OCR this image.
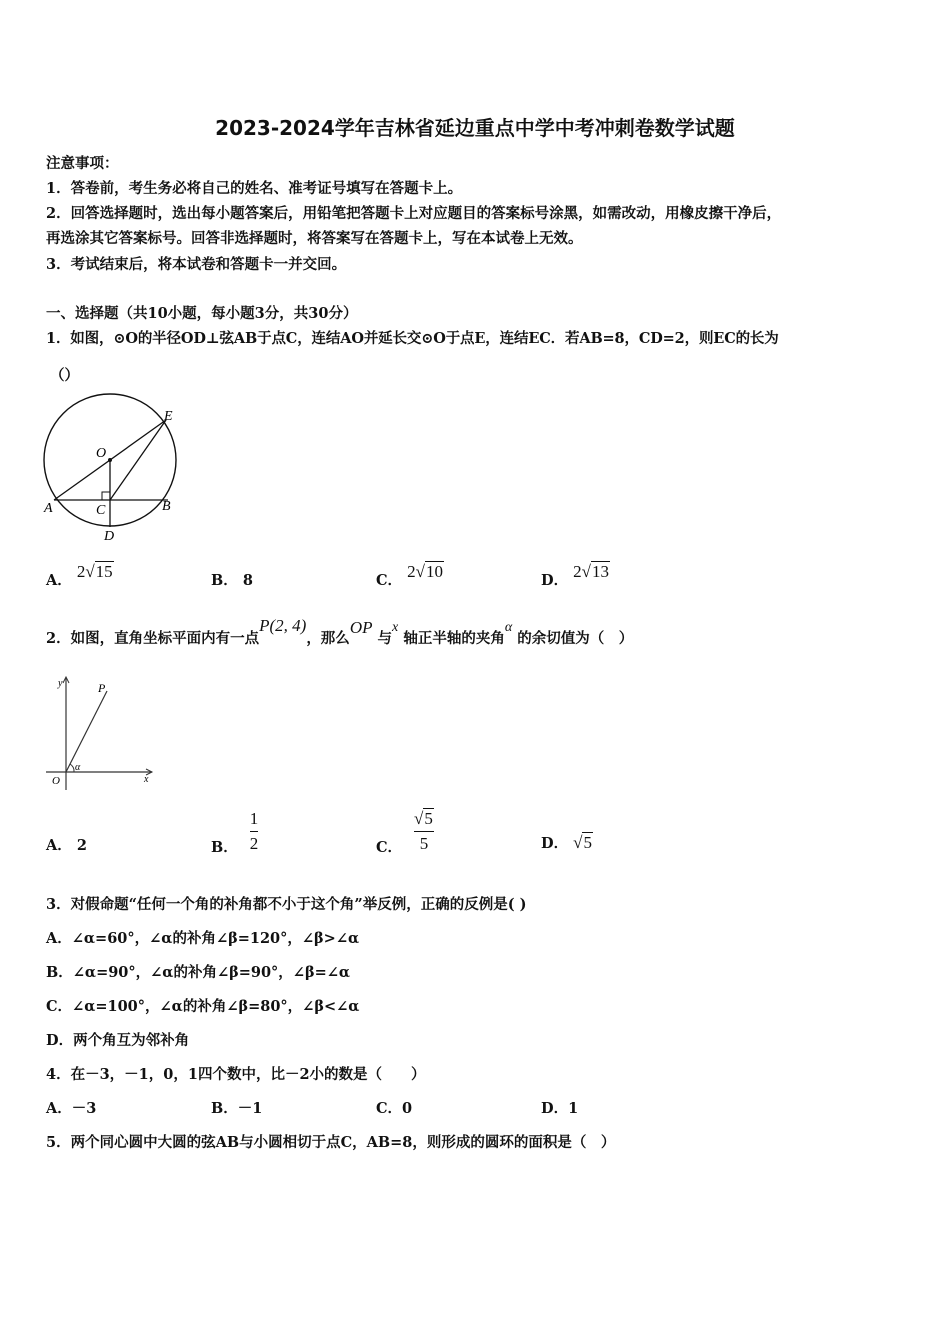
2023-2024学年吉林省延边重点中学中考冲刺卷数学试题
注意事项：
1．答卷前，考生务必将自己的姓名、准考证号填写在答题卡上。
2．回答选择题时，选出每小题答案后，用铅笔把答题卡上对应题目的答案标号涂黑，如需改动，用橡皮擦干净后，
再选涂其它答案标号。回答非选择题时，将答案写在答题卡上，写在本试卷上无效。
3．考试结束后，将本试卷和答题卡一并交回。
一、选择题（共10小题，每小题3分，共30分）
1．如图，⊙O的半径OD⊥弦AB于点C，连结AO并延长交⊙O于点E，连结EC．若AB=8，CD=2，则EC的长为
（）
E
O
A	C	B
D
A． 2√15	B． 8	C． 2√10	D． 2√13
2．如图，直角坐标平面内有一点P(2, 4)，那么OP 与x 轴正半轴的夹角α 的余切值为（　）
y	P
O
α
x
A． 2	B． $\frac{1}{2}$	C． $\frac{√5}{5}$	D． √5
3．对假命题“任何一个角的补角都不小于这个角”举反例，正确的反例是( )
A．∠α=60°，∠α的补角∠β=120°，∠β>∠α
B．∠α=90°，∠α的补角∠β=90°，∠β=∠α
C．∠α=100°，∠α的补角∠β=80°，∠β<∠α
D．两个角互为邻补角
4．在－3，－1，0，1四个数中，比－2小的数是（　　）
A．－3	B．－1	C．0	D．1
5．两个同心圆中大圆的弦AB与小圆相切于点C，AB=8，则形成的圆环的面积是（　）
